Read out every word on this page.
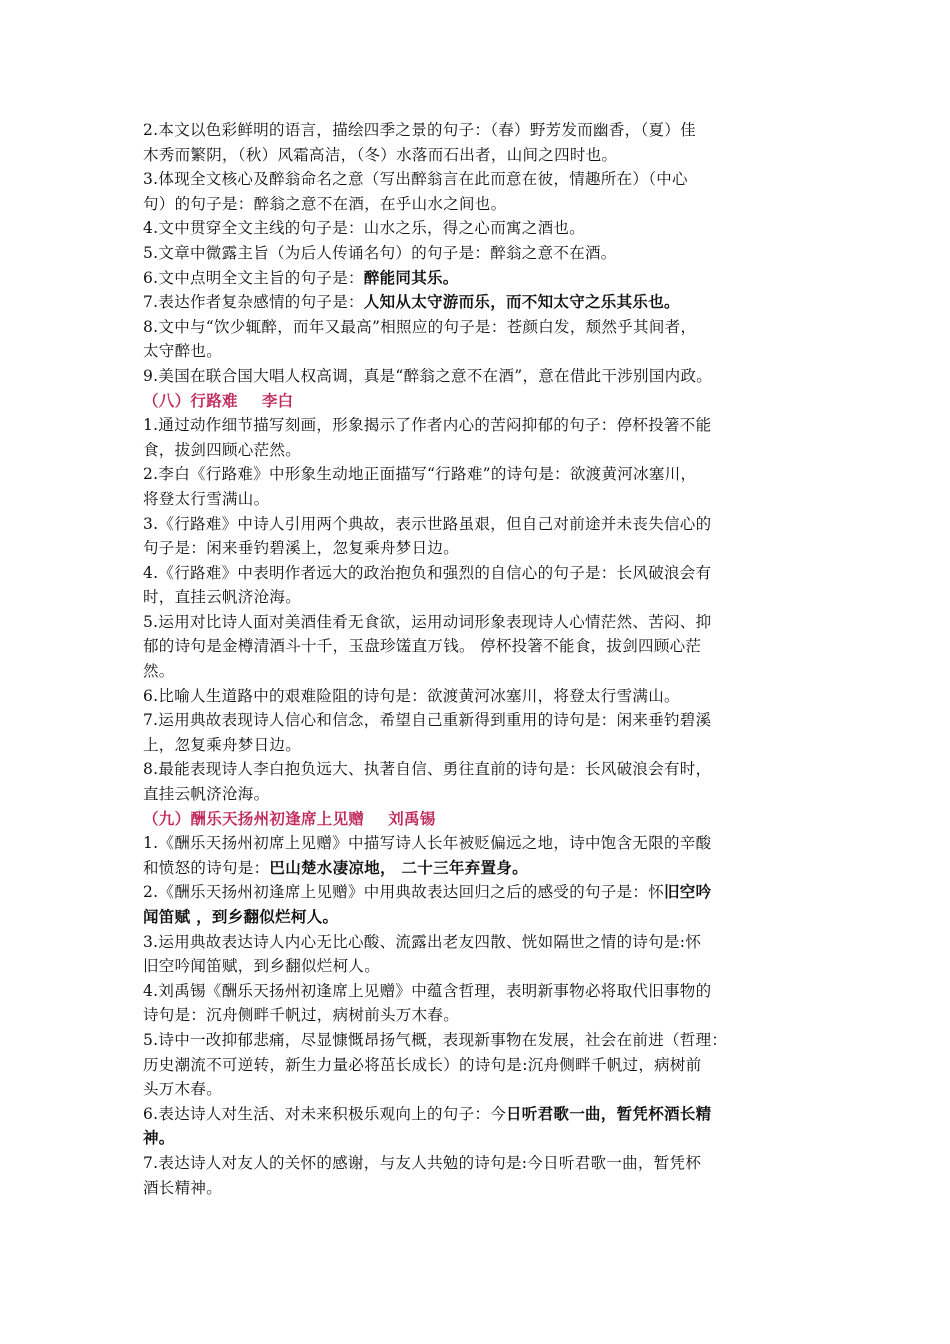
2.本文以色彩鲜明的语言，描绘四季之景的句子：（春）野芳发而幽香，（夏）佳
木秀而繁阴，（秋）风霜高洁，（冬）水落而石出者，山间之四时也。
3.体现全文核心及醉翁命名之意（写出醉翁言在此而意在彼，情趣所在）（中心
句）的句子是：醉翁之意不在酒，在乎山水之间也。
4.文中贯穿全文主线的句子是：山水之乐，得之心而寓之酒也。
5.文章中微露主旨（为后人传诵名句）的句子是：醉翁之意不在酒。
6.文中点明全文主旨的句子是：醉能同其乐。
7.表达作者复杂感情的句子是：人知从太守游而乐，而不知太守之乐其乐也。
8.文中与“饮少辄醉，而年又最高”相照应的句子是：苍颜白发，颓然乎其间者，
太守醉也。
9.美国在联合国大唱人权高调，真是“醉翁之意不在酒”，意在借此干涉别国内政。
（八）行路难 李白
1.通过动作细节描写刻画，形象揭示了作者内心的苦闷抑郁的句子：停杯投箸不能
食，拔剑四顾心茫然。
2.李白《行路难》中形象生动地正面描写“行路难”的诗句是：欲渡黄河冰塞川，
将登太行雪满山。
3.《行路难》中诗人引用两个典故，表示世路虽艰，但自己对前途并未丧失信心的
句子是：闲来垂钓碧溪上，忽复乘舟梦日边。
4.《行路难》中表明作者远大的政治抱负和强烈的自信心的句子是：长风破浪会有
时，直挂云帆济沧海。
5.运用对比诗人面对美酒佳肴无食欲，运用动词形象表现诗人心情茫然、苦闷、抑
郁的诗句是金樽清酒斗十千，玉盘珍馐直万钱。 停杯投箸不能食，拔剑四顾心茫
然。
6.比喻人生道路中的艰难险阻的诗句是：欲渡黄河冰塞川，将登太行雪满山。
7.运用典故表现诗人信心和信念，希望自己重新得到重用的诗句是：闲来垂钓碧溪
上，忽复乘舟梦日边。
8.最能表现诗人李白抱负远大、执著自信、勇往直前的诗句是：长风破浪会有时，
直挂云帆济沧海。
（九）酬乐天扬州初逢席上见赠 刘禹锡
1.《酬乐天扬州初席上见赠》中描写诗人长年被贬偏远之地，诗中饱含无限的辛酸
和愤怒的诗句是：巴山楚水凄凉地， 二十三年弃置身。
2.《酬乐天扬州初逢席上见赠》中用典故表达回归之后的感受的句子是：怀旧空吟
闻笛赋 ，到乡翻似烂柯人。
3.运用典故表达诗人内心无比心酸、流露出老友四散、恍如隔世之情的诗句是:怀
旧空吟闻笛赋，到乡翻似烂柯人。
4.刘禹锡《酬乐天扬州初逢席上见赠》中蕴含哲理，表明新事物必将取代旧事物的
诗句是：沉舟侧畔千帆过，病树前头万木春。
5.诗中一改抑郁悲痛，尽显慷慨昂扬气概，表现新事物在发展，社会在前进（哲理：
历史潮流不可逆转，新生力量必将茁长成长）的诗句是:沉舟侧畔千帆过，病树前
头万木春。
6.表达诗人对生活、对未来积极乐观向上的句子：今日听君歌一曲，暂凭杯酒长精
神。
7.表达诗人对友人的关怀的感谢，与友人共勉的诗句是:今日听君歌一曲，暂凭杯
酒长精神。
